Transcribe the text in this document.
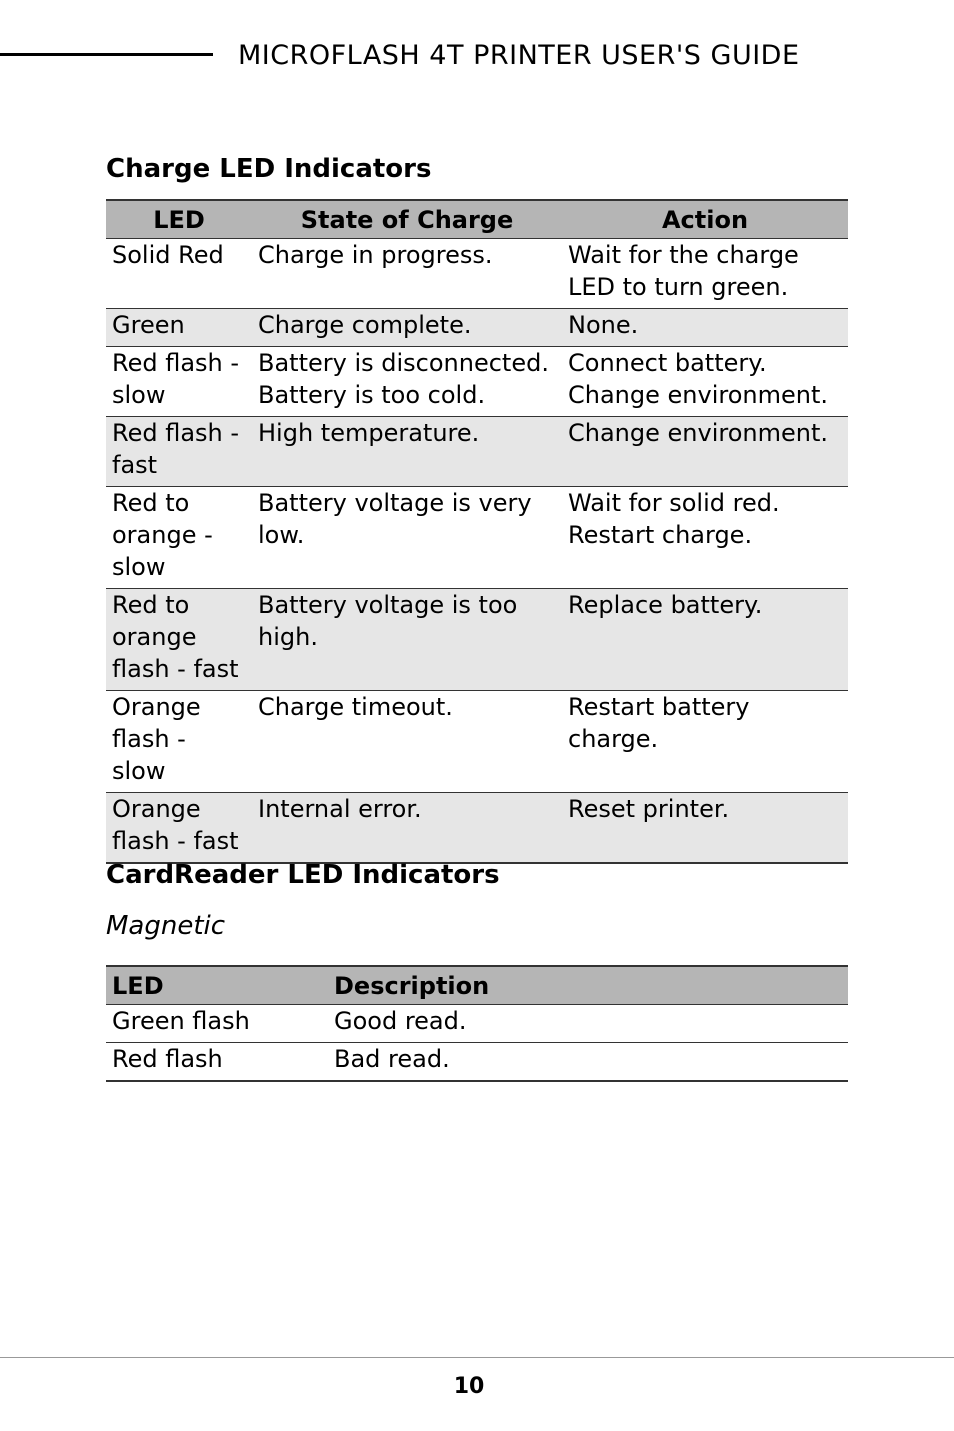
MICROFLASH 4T PRINTER USER'S GUIDE
Charge LED Indicators
LED	State of Charge	Action
Solid Red	Charge in progress.	Wait for the charge LED to turn green.
Green	Charge complete.	None.
Red flash - slow	Battery is disconnected. Battery is too cold.	Connect battery. Change environment.
Red flash - fast	High temperature.	Change environment.
Red to orange - slow	Battery voltage is very low.	Wait for solid red. Restart charge.
Red to orange flash - fast	Battery voltage is too high.	Replace battery.
Orange flash - slow	Charge timeout.	Restart battery charge.
Orange flash - fast	Internal error.	Reset printer.
CardReader LED Indicators
Magnetic
LED	Description
Green flash	Good read.
Red flash	Bad read.
10
